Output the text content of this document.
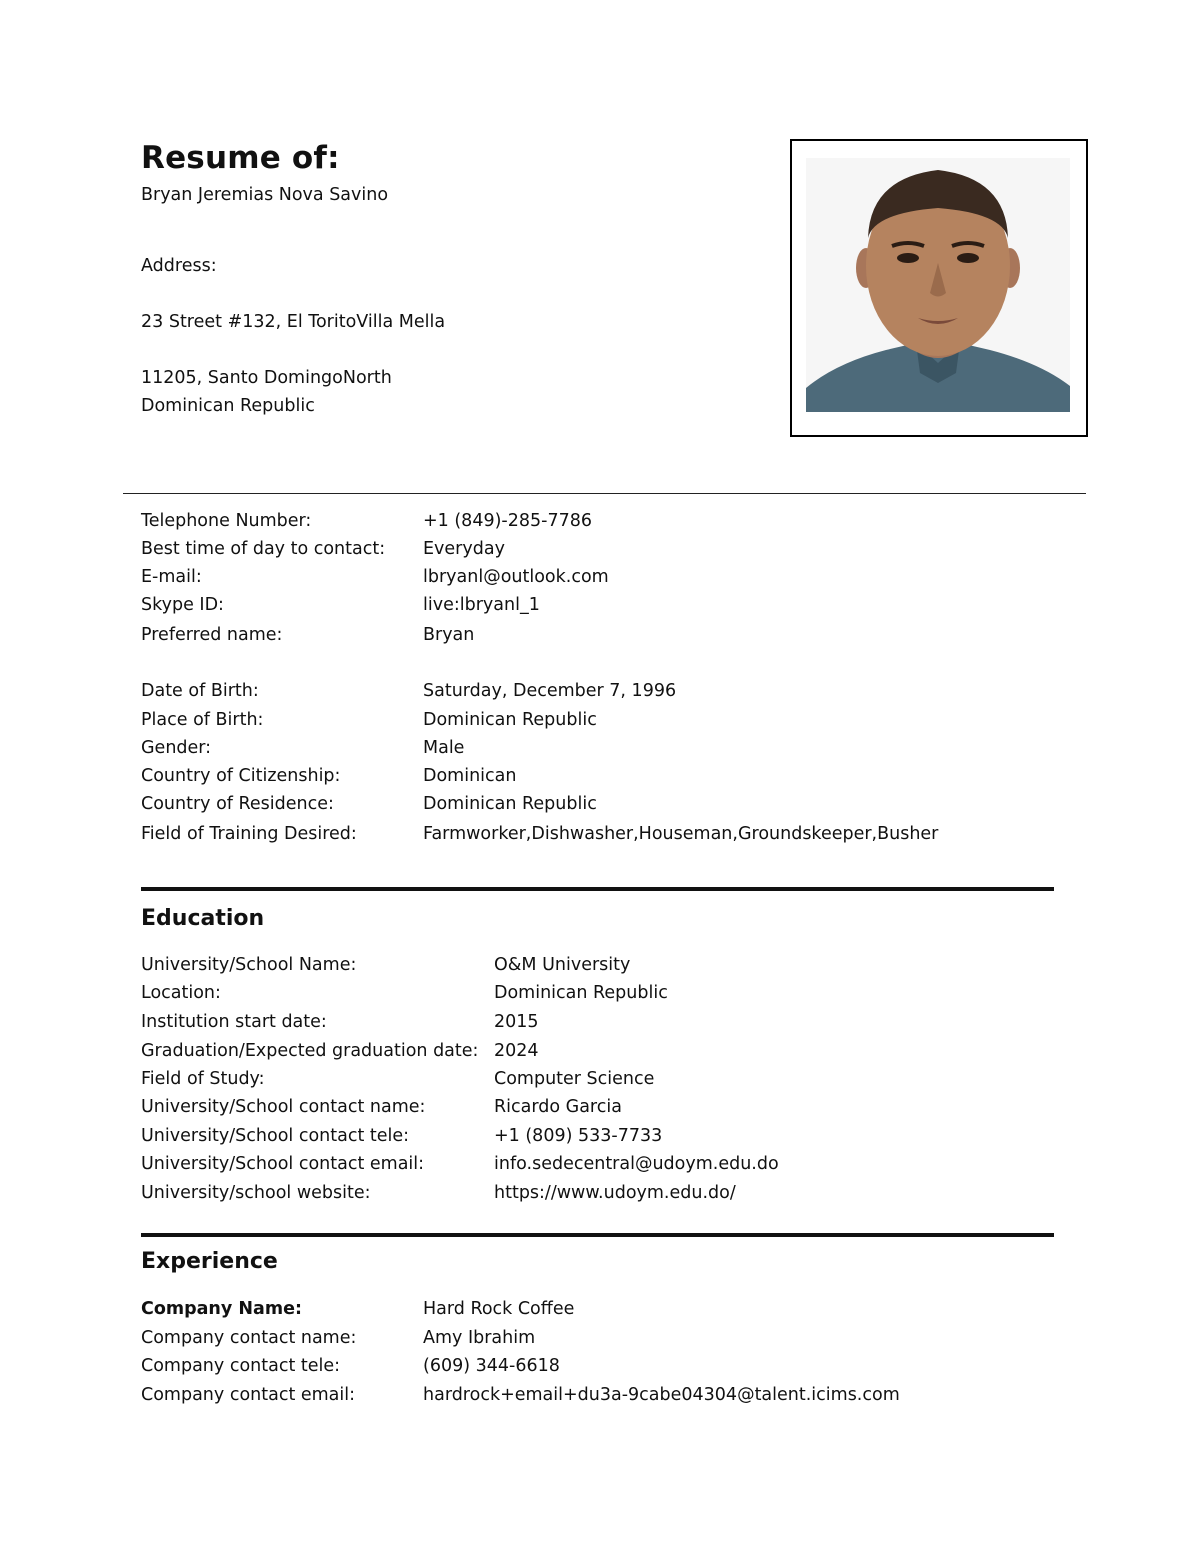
Resume of:
Bryan Jeremias Nova Savino
Address:
23 Street #132, El ToritoVilla Mella
11205, Santo DomingoNorth
Dominican Republic
Telephone Number:	+1 (849)-285-7786
Best time of day to contact: Everyday
E-mail:	lbryanl@outlook.com
Skype ID:	live:lbryanl_1
Preferred name:	Bryan
Date of Birth:	Saturday, December 7, 1996
Place of Birth:	Dominican Republic
Gender:	Male
Country of Citizenship:	Dominican
Country of Residence:	Dominican Republic
Field of Training Desired:	Farmworker,Dishwasher,Houseman,Groundskeeper,Busher
Education
University/School Name:	O&M University
Location:	Dominican Republic
Institution start date:	2015
Graduation/Expected graduation date: 2024
Field of Study:	Computer Science
University/School contact name:	Ricardo Garcia
University/School contact tele:	+1 (809) 533-7733
University/School contact email:	info.sedecentral@udoym.edu.do
University/school website:	https://www.udoym.edu.do/
Experience
Company Name:	Hard Rock Coffee
Company contact name:	Amy Ibrahim
Company contact tele:	(609) 344-6618
Company contact email:	hardrock+email+du3a-9cabe04304@talent.icims.com
